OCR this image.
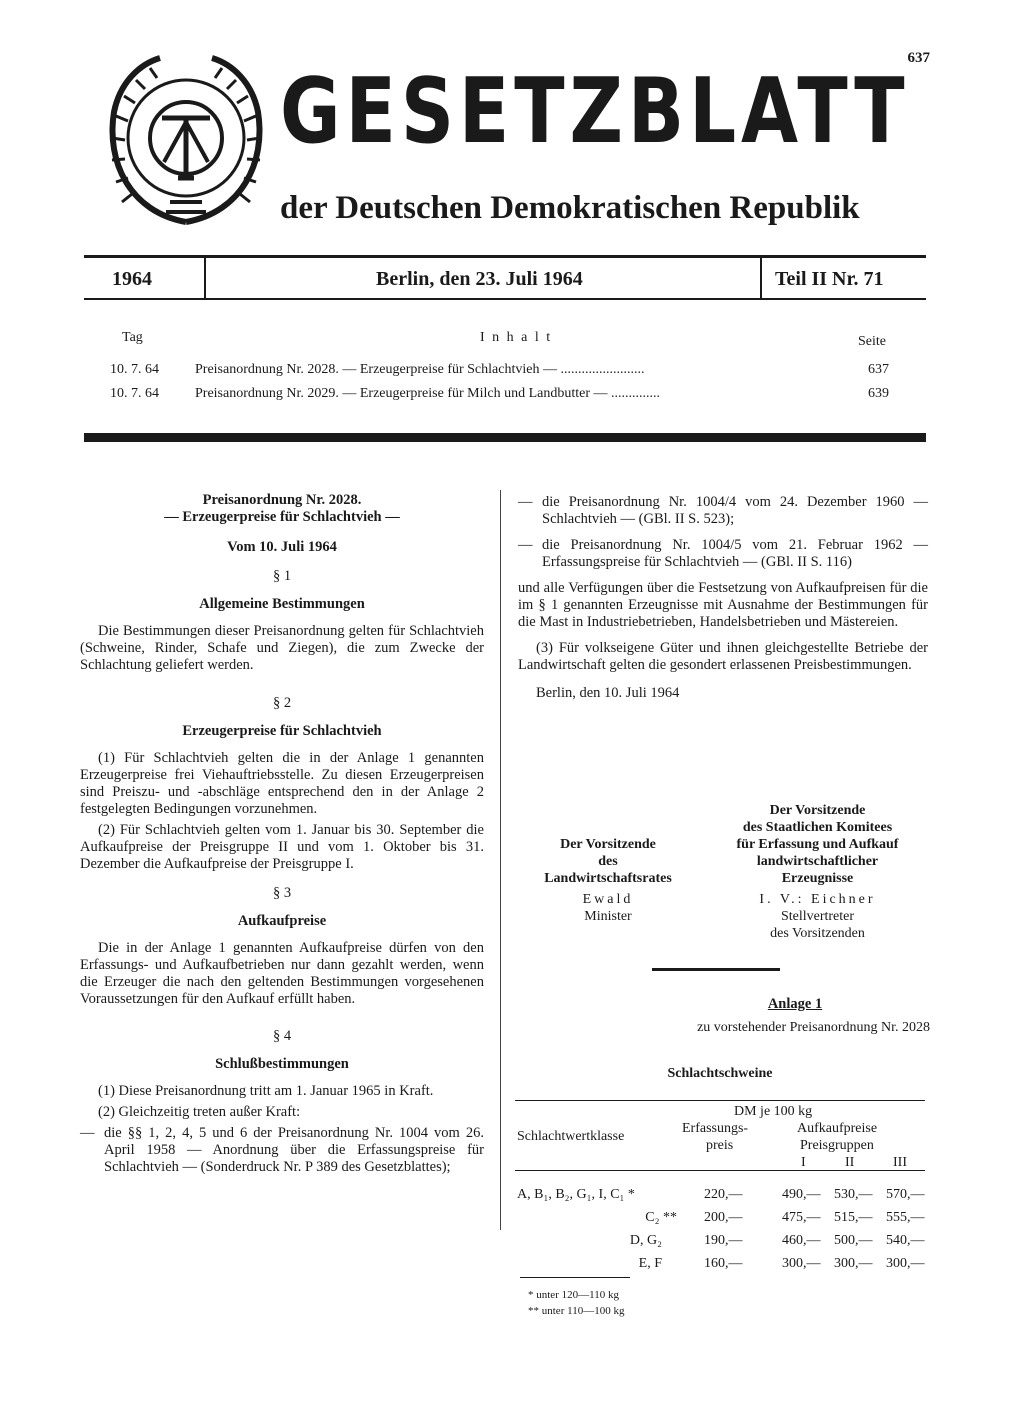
637
GESETZBLATT
der Deutschen Demokratischen Republik
1964	Berlin, den 23. Juli 1964	Teil II Nr. 71
Tag	I n h a l t	Seite
10. 7. 64	Preisanordnung Nr. 2028. — Erzeugerpreise für Schlachtvieh — ........................	637
10. 7. 64	Preisanordnung Nr. 2029. — Erzeugerpreise für Milch und Landbutter — ..............	639

Preisanordnung Nr. 2028.

— Erzeugerpreise für Schlachtvieh —

Vom 10. Juli 1964

§ 1

Allgemeine Bestimmungen

Die Bestimmungen dieser Preisanordnung gelten für Schlachtvieh (Schweine, Rinder, Schafe und Ziegen), die zum Zwecke der Schlachtung geliefert werden.

§ 2

Erzeugerpreise für Schlachtvieh

(1) Für Schlachtvieh gelten die in der Anlage 1 genannten Erzeugerpreise frei Viehauftriebsstelle. Zu diesen Erzeugerpreisen sind Preiszu- und -abschläge entsprechend den in der Anlage 2 festgelegten Bedingungen vorzunehmen.

(2) Für Schlachtvieh gelten vom 1. Januar bis 30. September die Aufkaufpreise der Preisgruppe II und vom 1. Oktober bis 31. Dezember die Aufkaufpreise der Preisgruppe I.

§ 3

Aufkaufpreise

Die in der Anlage 1 genannten Aufkaufpreise dürfen von den Erfassungs- und Aufkaufbetrieben nur dann gezahlt werden, wenn die Erzeuger die nach den geltenden Bestimmungen vorgesehenen Voraussetzungen für den Aufkauf erfüllt haben.

§ 4

Schlußbestimmungen

(1) Diese Preisanordnung tritt am 1. Januar 1965 in Kraft.

(2) Gleichzeitig treten außer Kraft:

— die §§ 1, 2, 4, 5 und 6 der Preisanordnung Nr. 1004 vom 26. April 1958 — Anordnung über die Erfassungspreise für Schlachtvieh — (Sonderdruck Nr. P 389 des Gesetzblattes);
— die Preisanordnung Nr. 1004/4 vom 24. Dezember 1960 — Schlachtvieh — (GBl. II S. 523);
— die Preisanordnung Nr. 1004/5 vom 21. Februar 1962 — Erfassungspreise für Schlachtvieh — (GBl. II S. 116)

und alle Verfügungen über die Festsetzung von Aufkaufpreisen für die im § 1 genannten Erzeugnisse mit Ausnahme der Bestimmungen für die Mast in Industriebetrieben, Handelsbetrieben und Mästereien.

(3) Für volkseigene Güter und ihnen gleichgestellte Betriebe der Landwirtschaft gelten die gesondert erlassenen Preisbestimmungen.

Berlin, den 10. Juli 1964

Der Vorsitzende
des
Landwirtschaftsrates
Ewald
Minister
Der Vorsitzende
des Staatlichen Komitees
für Erfassung und Aufkauf
landwirtschaftlicher
Erzeugnisse
I. V.: Eichner
Stellvertreter
des Vorsitzenden
Anlage 1
zu vorstehender Preisanordnung Nr. 2028
Schlachtschweine
DM je 100 kg
Schlachtwertklasse
Erfassungs-
preis
Aufkaufpreise
Preisgruppen
I	II	III
A, B₁, B₂, G₁, I, C₁ *	220,—	490,— 530,— 570,—
C₂ ** 200,—	475,— 515,— 555,—
D, G₂	190,—	460,— 500,— 540,—
E, F	160,—	300,— 300,— 300,—
* unter 120—110 kg
** unter 110—100 kg
